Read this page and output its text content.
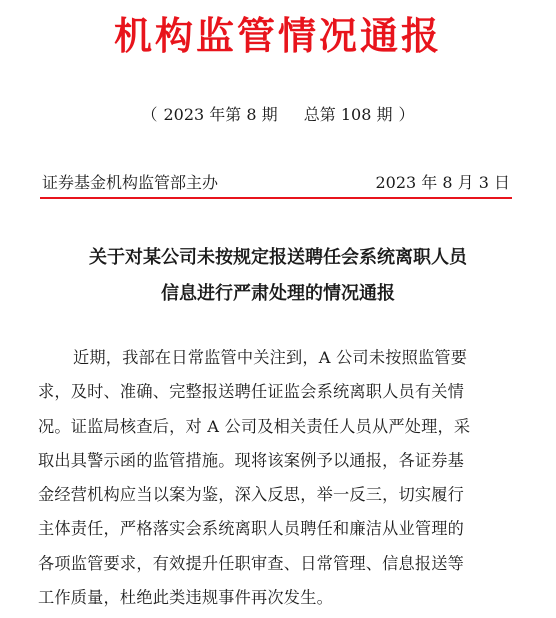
机构监管情况通报
（ 2023 年第 8 期 总第 108 期 ）
证券基金机构监管部主办	2023 年 8 月 3 日
关于对某公司未按规定报送聘任会系统离职人员
信息进行严肃处理的情况通报
近期，我部在日常监管中关注到，A 公司未按照监管要
求，及时、准确、完整报送聘任证监会系统离职人员有关情
况。证监局核查后，对 A 公司及相关责任人员从严处理，采
取出具警示函的监管措施。现将该案例予以通报，各证券基
金经营机构应当以案为鉴，深入反思，举一反三，切实履行
主体责任，严格落实会系统离职人员聘任和廉洁从业管理的
各项监管要求，有效提升任职审查、日常管理、信息报送等
工作质量，杜绝此类违规事件再次发生。
